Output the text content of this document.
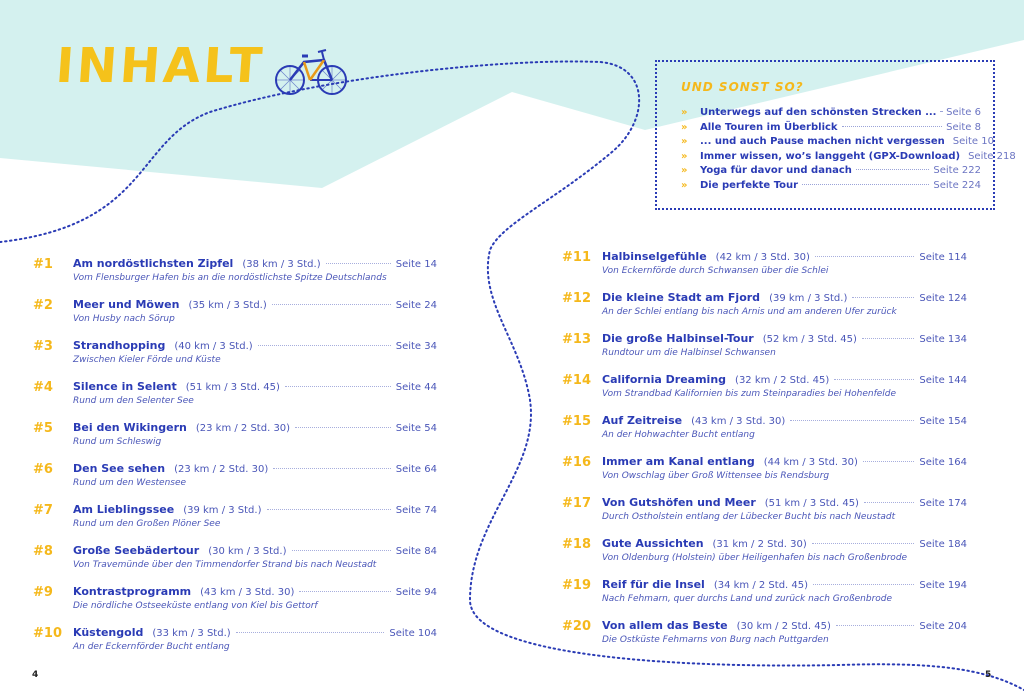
INHALT	UND SONST SO?
»	Unterwegs auf den schönsten Strecken ... Seite 6
»	Alle Touren im Überblick	Seite 8
»	... und auch Pause machen nicht vergessen Seite 10
»	Immer wissen, wo’s langgeht (GPX-Download) Seite 218
»	Yoga für davor und danach	Seite 222
»	Die perfekte Tour	Seite 224
#1	Am nordöstlichsten Zipfel (38 km / 3 Std.)	Seite 14
Vom Flensburger Hafen bis an die nordöstlichste Spitze Deutschlands
#2	Meer und Möwen (35 km / 3 Std.)	Seite 24
Von Husby nach Sörup
#3	Strandhopping (40 km / 3 Std.)	Seite 34
Zwischen Kieler Förde und Küste
#4	Silence in Selent (51 km / 3 Std. 45)	Seite 44
Rund um den Selenter See
#5	Bei den Wikingern (23 km / 2 Std. 30)	Seite 54
Rund um Schleswig
#6	Den See sehen (23 km / 2 Std. 30)	Seite 64
Rund um den Westensee
#7	Am Lieblingssee (39 km / 3 Std.)	Seite 74
Rund um den Großen Plöner See
#8	Große Seebädertour (30 km / 3 Std.)	Seite 84
Von Travemünde über den Timmendorfer Strand bis nach Neustadt
#9	Kontrastprogramm (43 km / 3 Std. 30)	Seite 94
Die nördliche Ostseeküste entlang von Kiel bis Gettorf
#10	Küstengold (33 km / 3 Std.)	Seite 104
An der Eckernförder Bucht entlang
#11	Halbinselgefühle (42 km / 3 Std. 30)	Seite 114
Von Eckernförde durch Schwansen über die Schlei
#12	Die kleine Stadt am Fjord (39 km / 3 Std.)	Seite 124
An der Schlei entlang bis nach Arnis und am anderen Ufer zurück
#13	Die große Halbinsel-Tour (52 km / 3 Std. 45)	Seite 134
Rundtour um die Halbinsel Schwansen
#14	California Dreaming (32 km / 2 Std. 45)	Seite 144
Vom Strandbad Kalifornien bis zum Steinparadies bei Hohenfelde
#15	Auf Zeitreise (43 km / 3 Std. 30)	Seite 154
An der Hohwachter Bucht entlang
#16	Immer am Kanal entlang (44 km / 3 Std. 30)	Seite 164
Von Owschlag über Groß Wittensee bis Rendsburg
#17	Von Gutshöfen und Meer (51 km / 3 Std. 45)	Seite 174
Durch Ostholstein entlang der Lübecker Bucht bis nach Neustadt
#18	Gute Aussichten (31 km / 2 Std. 30)	Seite 184
Von Oldenburg (Holstein) über Heiligenhafen bis nach Großenbrode
#19	Reif für die Insel (34 km / 2 Std. 45)	Seite 194
Nach Fehmarn, quer durchs Land und zurück nach Großenbrode
#20	Von allem das Beste (30 km / 2 Std. 45)	Seite 204
Die Ostküste Fehmarns von Burg nach Puttgarden
4	5
